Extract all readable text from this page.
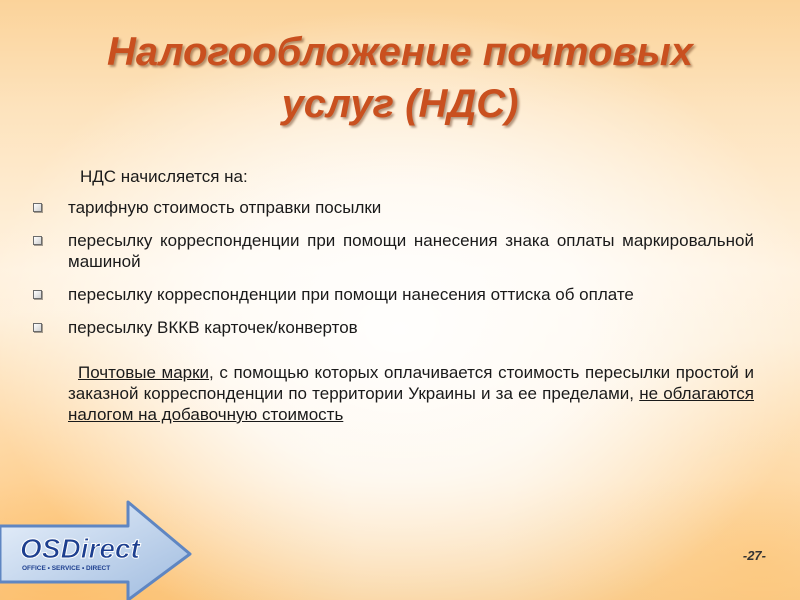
Налогообложение почтовых
услуг (НДС)

НДС начисляется на:

тарифную стоимость отправки посылки
пересылку корреспонденции при помощи нанесения знака оплаты маркировальной машиной
пересылку корреспонденции при помощи нанесения оттиска об оплате
пересылку ВККВ карточек/конвертов

Почтовые марки, с помощью которых оплачивается стоимость пересылки простой и заказной корреспонденции по территории Украины и за ее пределами, не облагаются налогом на добавочную стоимость

OSDirect
OFFICE • SERVICE • DIRECT
-27-
